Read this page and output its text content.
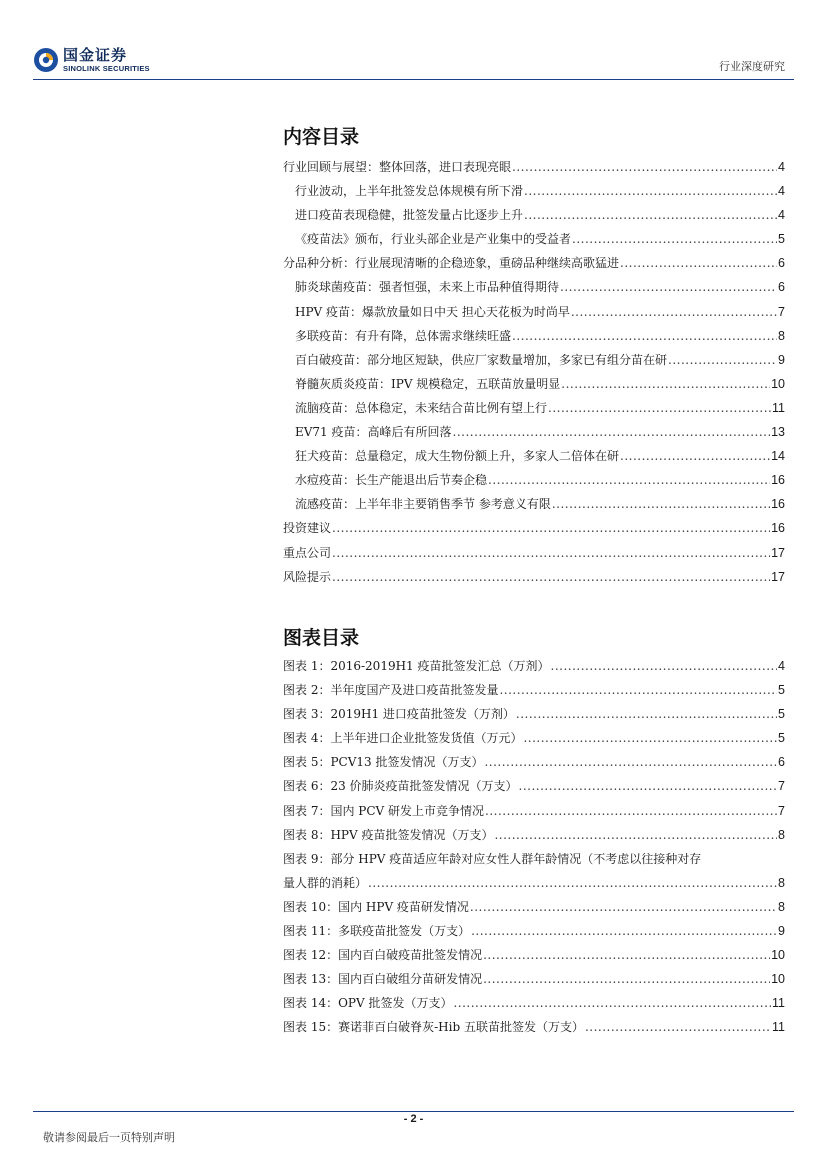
国金证券
SINOLINK SECURITIES	行业深度研究
内容目录
行业回顾与展望：整体回落，进口表现亮眼 .....	4
行业波动，上半年批签发总体规模有所下滑 .....	4
进口疫苗表现稳健，批签发量占比逐步上升 .....	4
《疫苗法》颁布，行业头部企业是产业集中的受益者 .....	5
分品种分析：行业展现清晰的企稳迹象，重磅品种继续高歌猛进 .....	6
肺炎球菌疫苗：强者恒强，未来上市品种值得期待 .....	6
HPV 疫苗：爆款放量如日中天 担心天花板为时尚早 .....	7
多联疫苗：有升有降，总体需求继续旺盛 .....	8
百白破疫苗：部分地区短缺，供应厂家数量增加，多家已有组分苗在研 .....	9
脊髓灰质炎疫苗：IPV 规模稳定，五联苗放量明显 .....	10
流脑疫苗：总体稳定，未来结合苗比例有望上行 .....	11
EV71 疫苗：高峰后有所回落 .....	13
狂犬疫苗：总量稳定，成大生物份额上升，多家人二倍体在研 .....	14
水痘疫苗：长生产能退出后节奏企稳 .....	16
流感疫苗：上半年非主要销售季节 参考意义有限 .....	16
投资建议 .....	16
重点公司 .....	17
风险提示 .....	17
图表目录
图表 1：2016-2019H1 疫苗批签发汇总（万剂） .....	4
图表 2：半年度国产及进口疫苗批签发量 .....	5
图表 3：2019H1 进口疫苗批签发（万剂） .....	5
图表 4：上半年进口企业批签发货值（万元） .....	5
图表 5：PCV13 批签发情况（万支） .....	6
图表 6：23 价肺炎疫苗批签发情况（万支） .....	7
图表 7：国内 PCV 研发上市竞争情况 .....	7
图表 8：HPV 疫苗批签发情况（万支） .....	8
图表 9：部分 HPV 疫苗适应年龄对应女性人群年龄情况（不考虑以往接种对存
量人群的消耗） .....	8
图表 10：国内 HPV 疫苗研发情况 .....	8
图表 11：多联疫苗批签发（万支） .....	9
图表 12：国内百白破疫苗批签发情况 .....	10
图表 13：国内百白破组分苗研发情况 .....	10
图表 14：OPV 批签发（万支） .....	11
图表 15：赛诺菲百白破脊灰-Hib 五联苗批签发（万支） .....	11
- 2 -
敬请参阅最后一页特别声明
